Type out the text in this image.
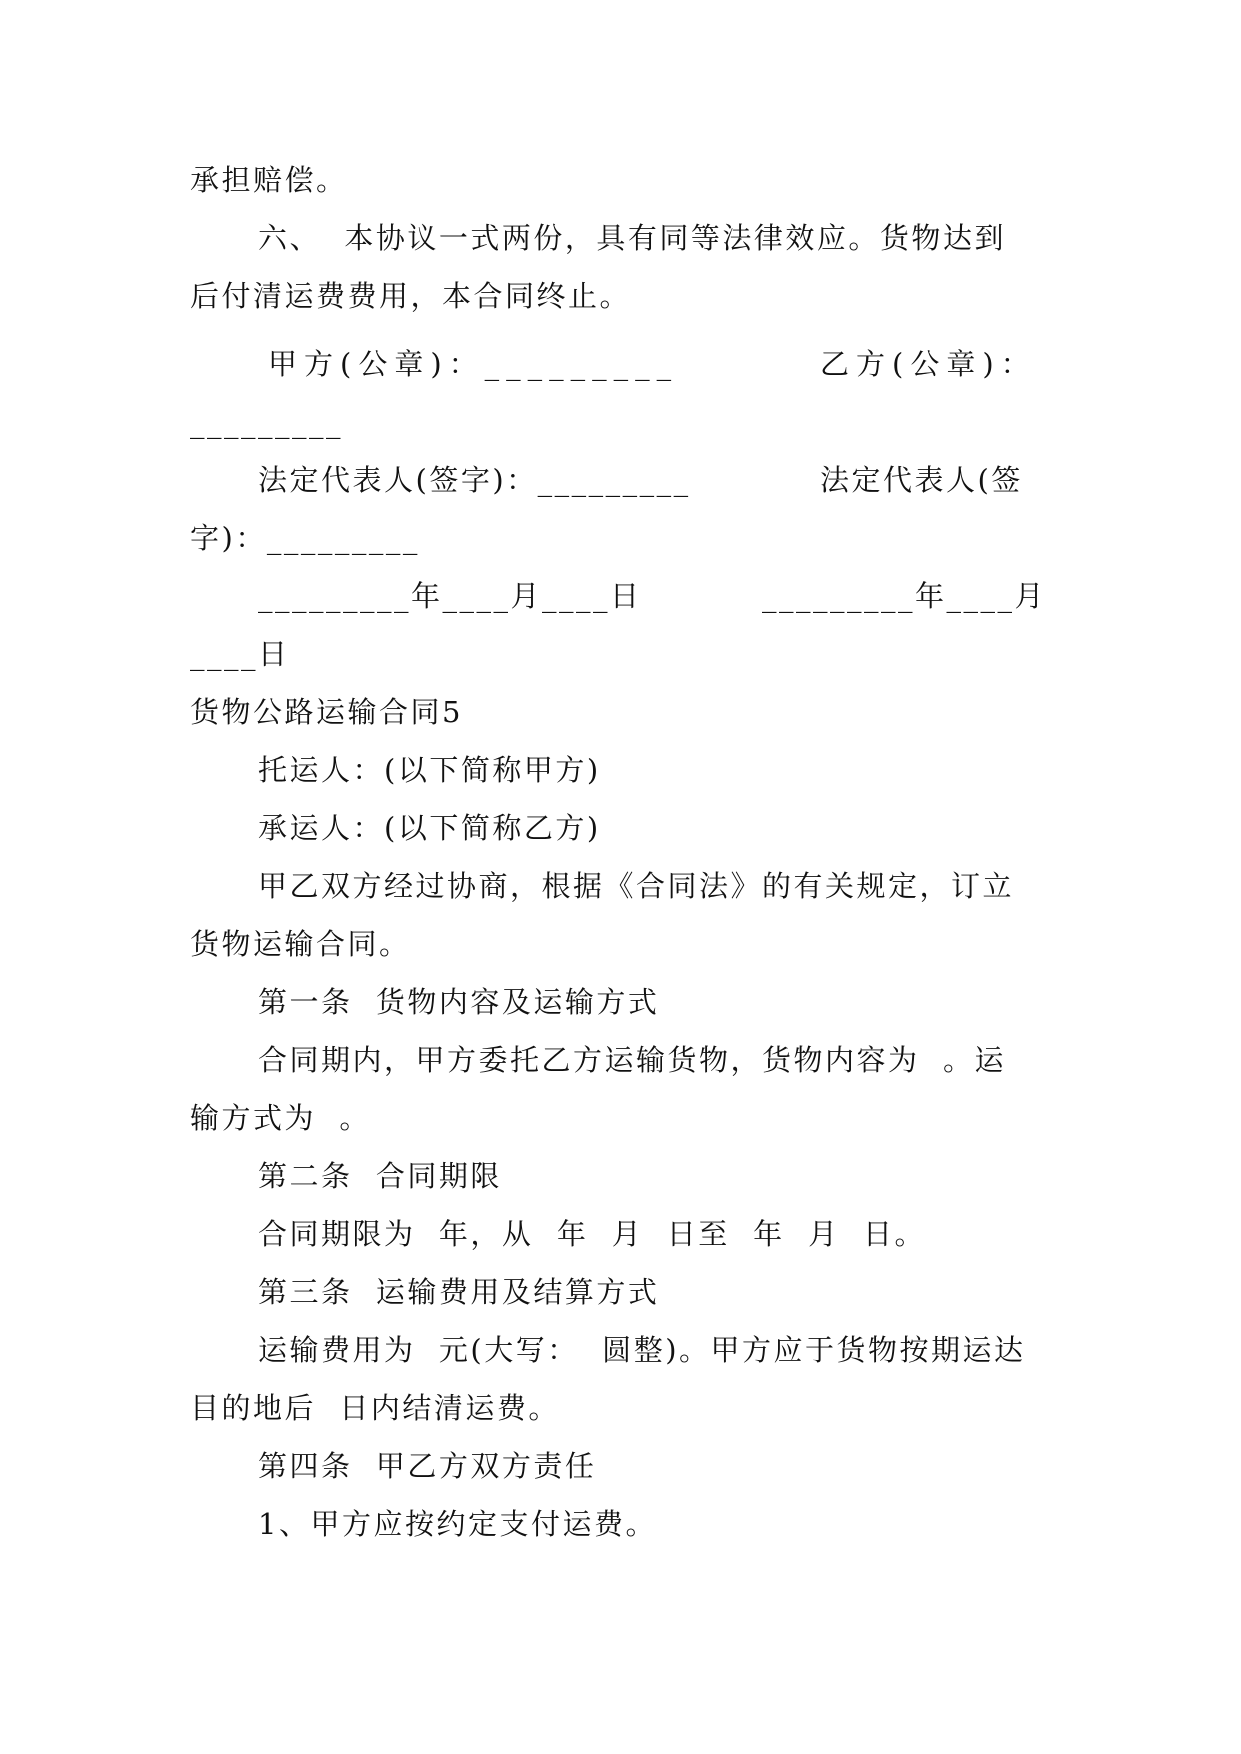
承担赔偿。

六、  本协议一式两份，具有同等法律效应。货物达到

后付清运费费用，本合同终止。

甲方(公章)：_________	乙方(公章)：

_________

法定代表人(签字)：_________	法定代表人(签

字)：_________

_________年____月____日	_________年____月

____日

货物公路运输合同5

托运人：(以下简称甲方)

承运人：(以下简称乙方)

甲乙双方经过协商，根据《合同法》的有关规定，订立

货物运输合同。

第一条  货物内容及运输方式

合同期内，甲方委托乙方运输货物，货物内容为  。运

输方式为  。

第二条  合同期限

合同期限为  年，从  年  月  日至  年  月  日。

第三条  运输费用及结算方式

运输费用为  元(大写：  圆整)。甲方应于货物按期运达

目的地后  日内结清运费。

第四条  甲乙方双方责任

1、甲方应按约定支付运费。
